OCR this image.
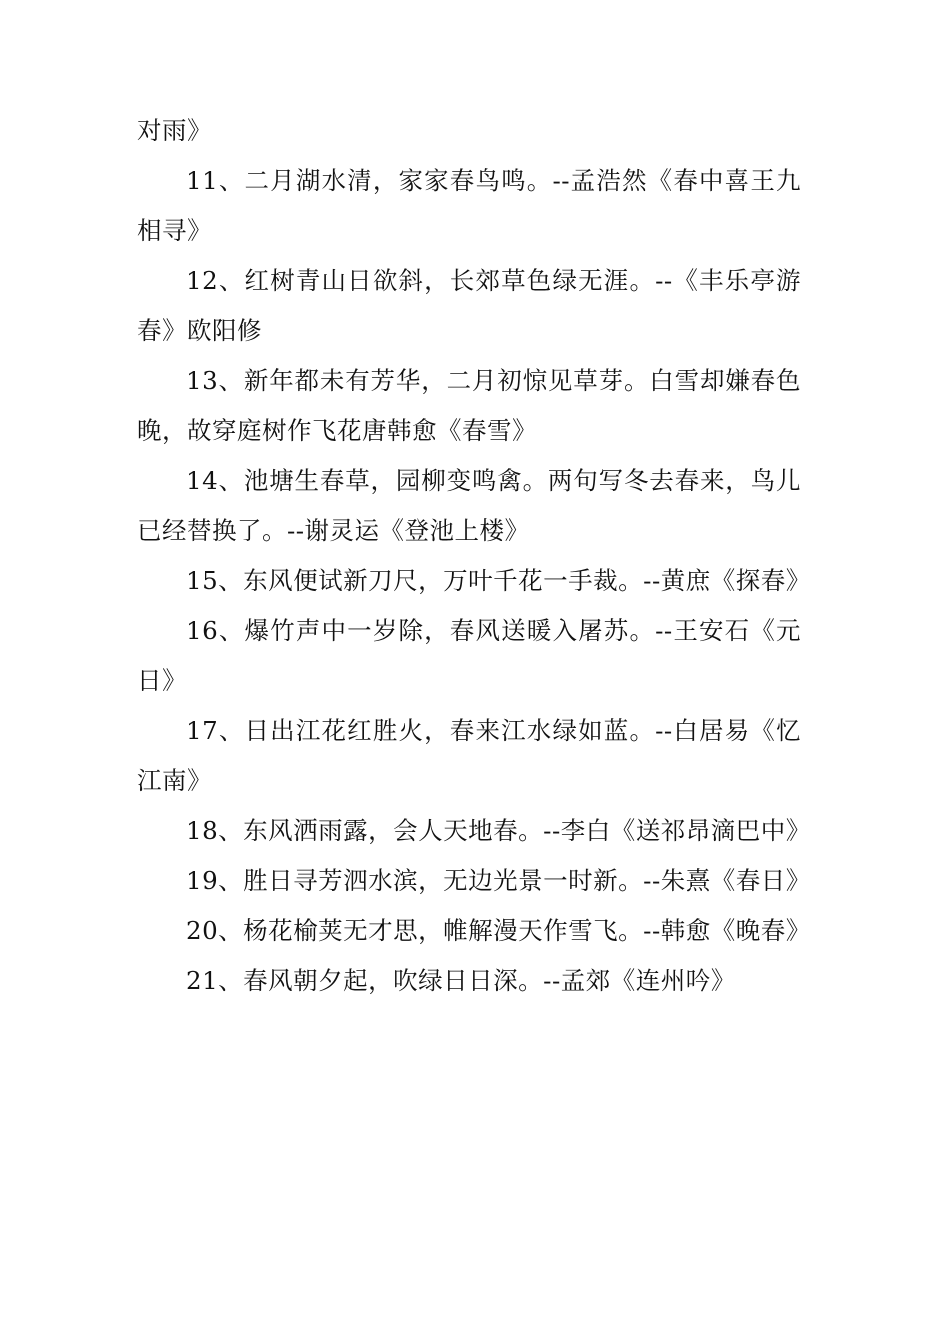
对雨》

11、二月湖水清，家家春鸟鸣。--孟浩然《春中喜王九相寻》

12、红树青山日欲斜，长郊草色绿无涯。--《丰乐亭游春》欧阳修

13、新年都未有芳华，二月初惊见草芽。白雪却嫌春色晚，故穿庭树作飞花唐韩愈《春雪》

14、池塘生春草，园柳变鸣禽。两句写冬去春来，鸟儿已经替换了。--谢灵运《登池上楼》

15、东风便试新刀尺，万叶千花一手裁。--黄庶《探春》

16、爆竹声中一岁除，春风送暖入屠苏。--王安石《元日》

17、日出江花红胜火，春来江水绿如蓝。--白居易《忆江南》

18、东风洒雨露，会人天地春。--李白《送祁昂滴巴中》

19、胜日寻芳泗水滨，无边光景一时新。--朱熹《春日》

20、杨花榆荚无才思，帷解漫天作雪飞。--韩愈《晚春》

21、春风朝夕起，吹绿日日深。--孟郊《连州吟》
